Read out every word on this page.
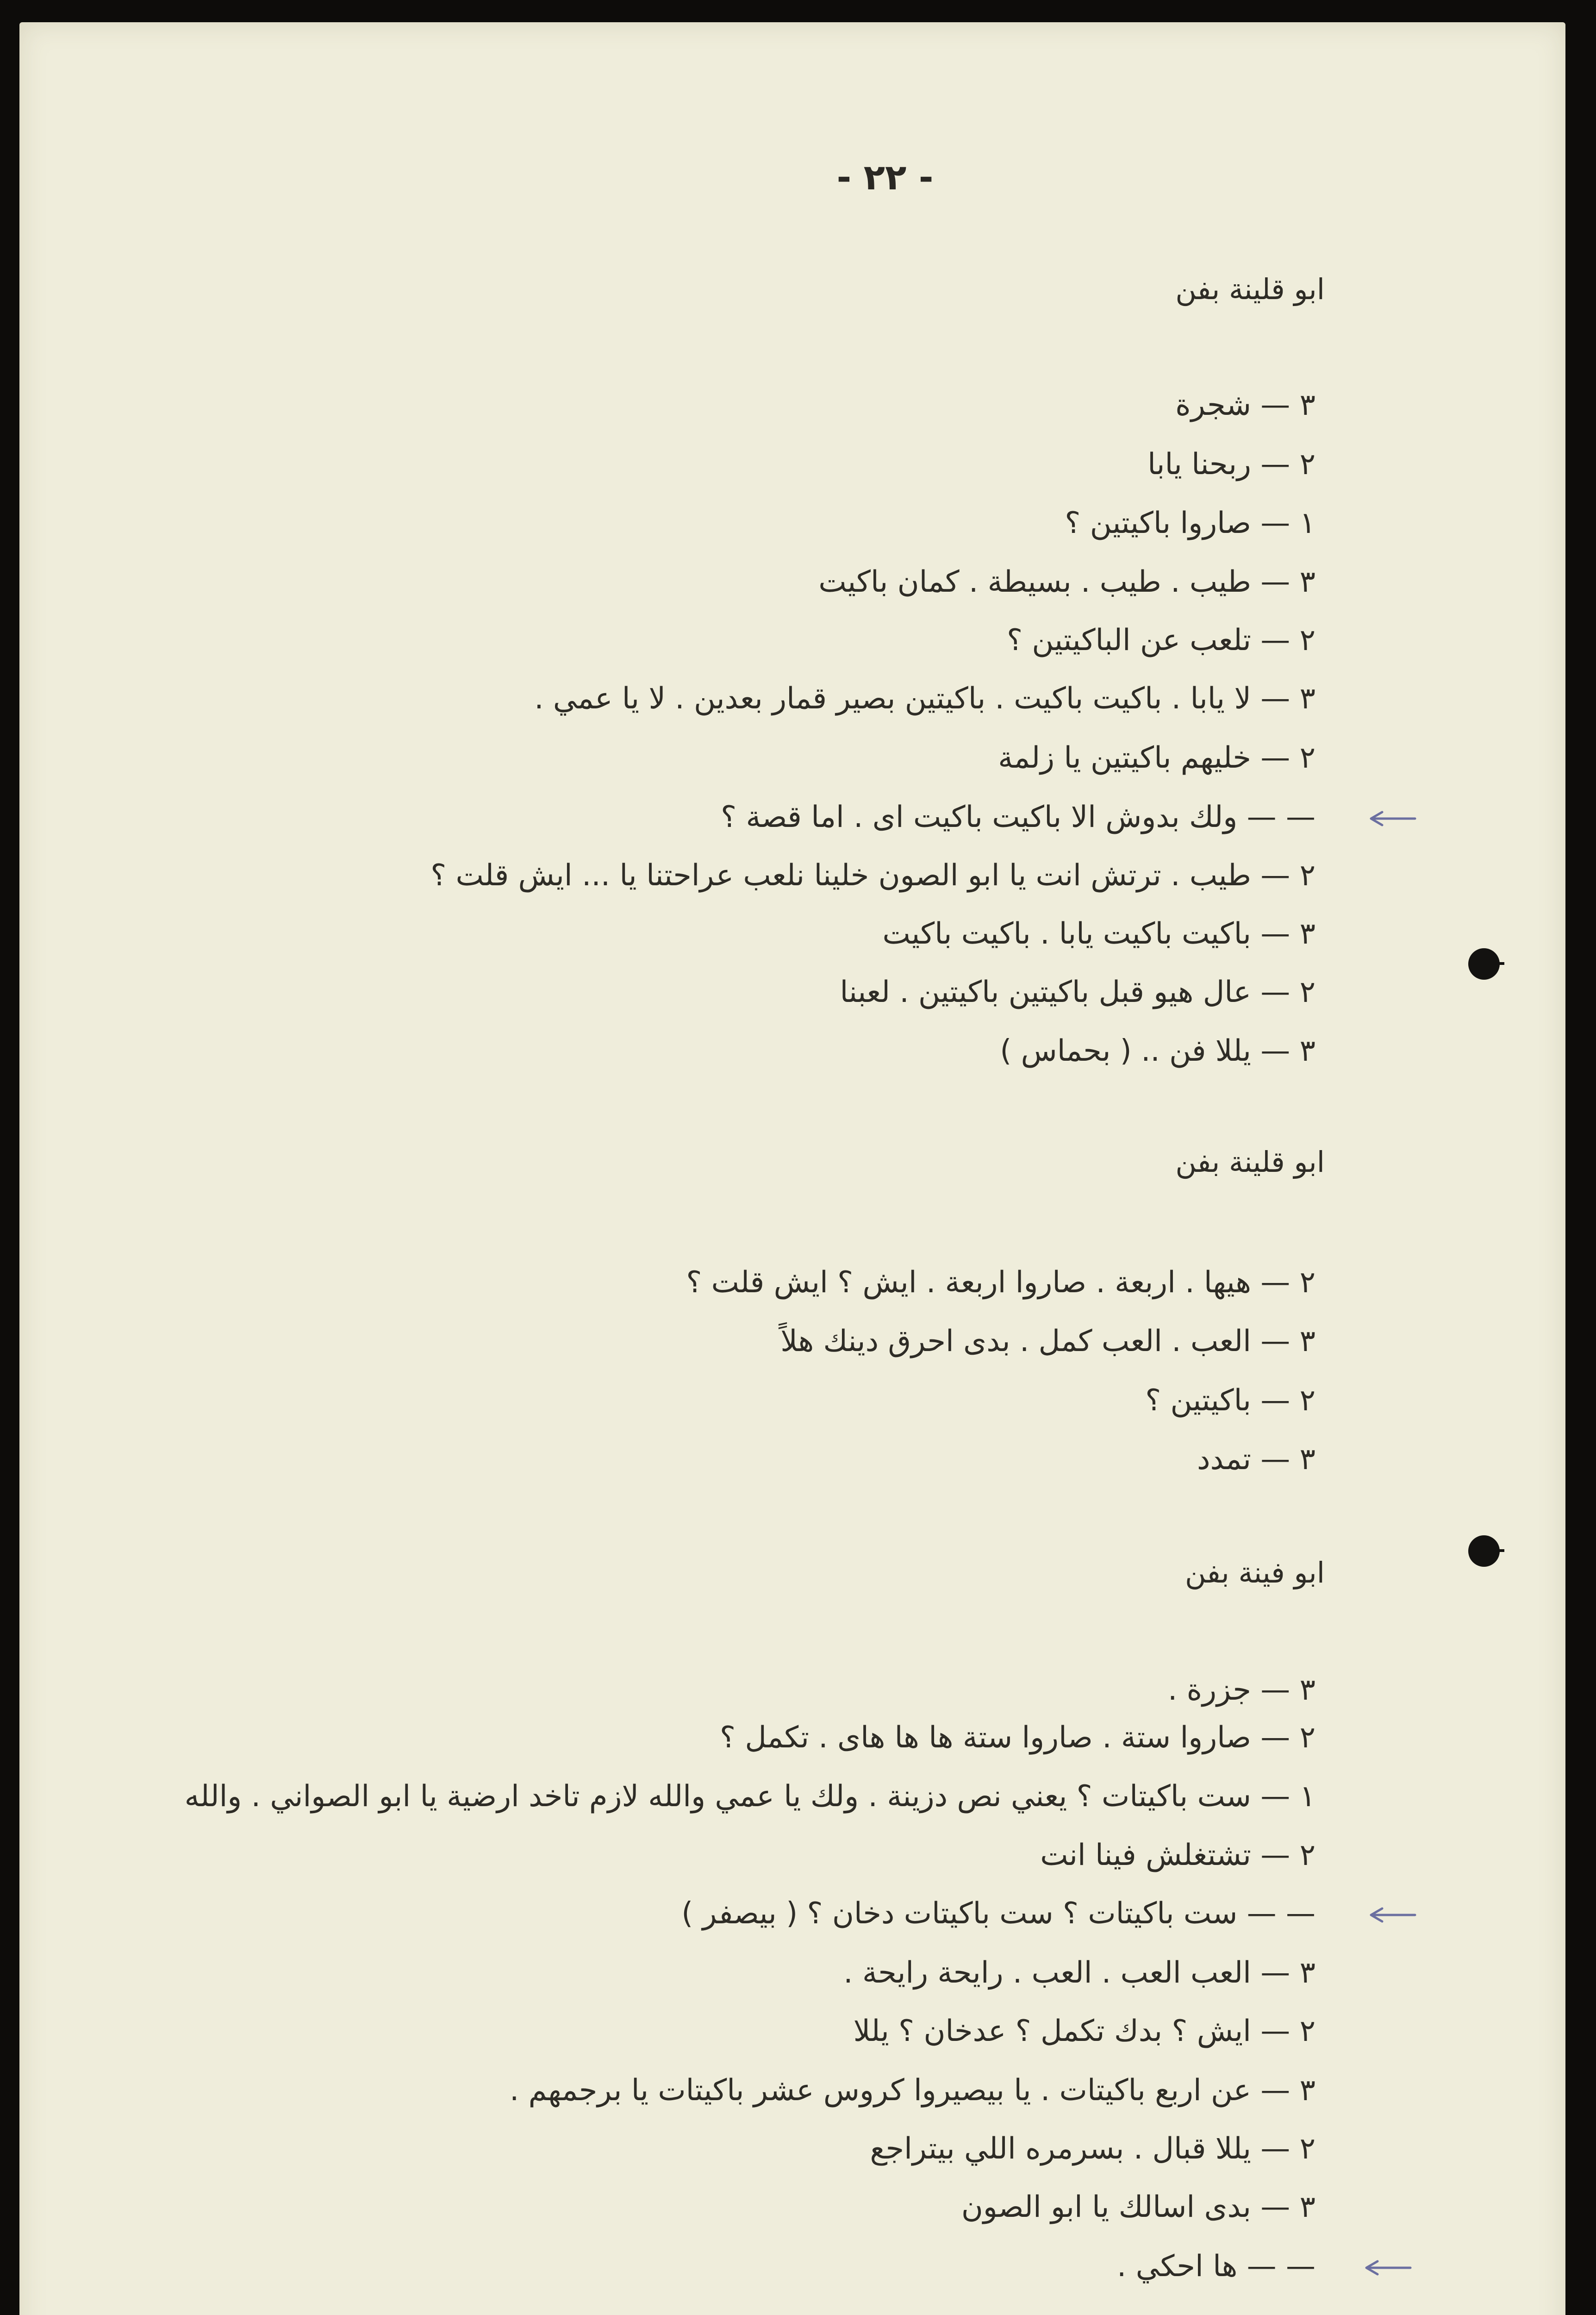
- ٢٢ -
ابو قلينة بفن
٣ — شجرة
٢ — ربحنا يابا
١ — صاروا باكيتين ؟
٣ — طيب . طيب . بسيطة . كمان باكيت
٢ — تلعب عن الباكيتين ؟
٣ — لا يابا . باكيت باكيت . باكيتين بصير قمار بعدين . لا يا عمي .
٢ — خليهم باكيتين يا زلمة
— — ولك بدوش الا باكيت باكيت اى . اما قصة ؟
٢ — طيب . ترتش انت يا ابو الصون خلينا نلعب عراحتنا يا ... ايش قلت ؟
٣ — باكيت باكيت يابا . باكيت باكيت
٢ — عال هيو قبل باكيتين باكيتين . لعبنا
٣ — يللا فن .. ( بحماس )
ابو قلينة بفن
٢ — هيها . اربعة . صاروا اربعة . ايش ؟ ايش قلت ؟
٣ — العب . العب كمل . بدى احرق دينك هلاً
٢ — باكيتين ؟
٣ — تمدد
ابو فينة بفن
٣ — جزرة .
٢ — صاروا ستة . صاروا ستة ها ها هاى . تكمل ؟
١ — ست باكيتات ؟ يعني نص دزينة . ولك يا عمي والله لازم تاخد ارضية يا ابو الصواني . والله
٢ — تشتغلش فينا انت
— — ست باكيتات ؟ ست باكيتات دخان ؟ ( بيصفر )
٣ — العب العب . العب . رايحة رايحة .
٢ — ايش ؟ بدك تكمل ؟ عدخان ؟ يللا
٣ — عن اربع باكيتات . يا بيصيروا كروس عشر باكيتات يا برجمهم .
٢ — يللا قبال . بسرمره اللي بيتراجع
٣ — بدى اسالك يا ابو الصون
— — ها احكي .
